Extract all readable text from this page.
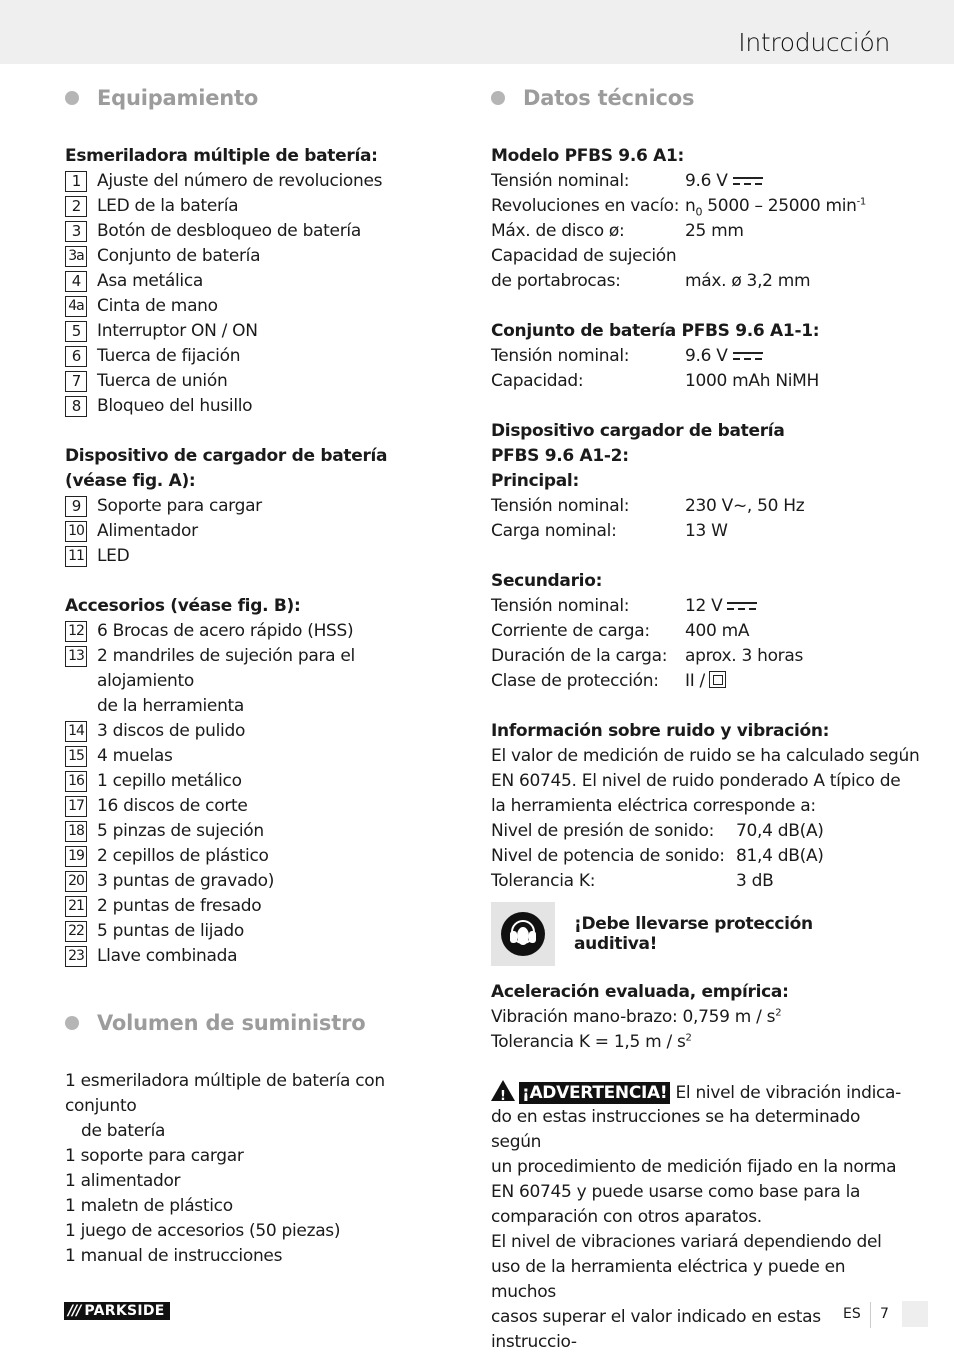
Introducción
Equipamiento
Esmeriladora múltiple de batería:
1 Ajuste del número de revoluciones
2 LED de la batería
3 Botón de desbloqueo de batería
3a Conjunto de batería
4 Asa metálica
4a Cinta de mano
5 Interruptor ON / ON
6 Tuerca de fijación
7 Tuerca de unión
8 Bloqueo del husillo
Dispositivo de cargador de batería
(véase fig. A):
9 Soporte para cargar
10 Alimentador
11 LED
Accesorios (véase fig. B):
12 6 Brocas de acero rápido (HSS)
13 2 mandriles de sujeción para el alojamiento
de la herramienta
14 3 discos de pulido
15 4 muelas
16 1 cepillo metálico
17 16 discos de corte
18 5 pinzas de sujeción
19 2 cepillos de plástico
20 3 puntas de gravado)
21 2 puntas de fresado
22 5 puntas de lijado
23 Llave combinada
Volumen de suministro
1 esmeriladora múltiple de batería con conjunto
de batería
1 soporte para cargar
1 alimentador
1 maletn de plástico
1 juego de accesorios (50 piezas)
1 manual de instrucciones
Datos técnicos
Modelo PFBS 9.6 A1:
Tensión nominal:	9.6 V
Revoluciones en vacío: $n_0$ 5000 – 25000 $\min^{-1}$
Máx. de disco ø:	25 mm
Capacidad de sujeción
de portabrocas:	máx. ø 3,2 mm
Conjunto de batería PFBS 9.6 A1-1:
Tensión nominal:	9.6 V
Capacidad:	1000 mAh NiMH
Dispositivo cargador de batería
PFBS 9.6 A1-2:
Principal:
Tensión nominal:	230 V~, 50 Hz
Carga nominal:	13 W
Secundario:
Tensión nominal:	12 V
Corriente de carga:	400 mA
Duración de la carga:	aprox. 3 horas
Clase de protección:	II /
Información sobre ruido y vibración:
El valor de medición de ruido se ha calculado según
EN 60745. El nivel de ruido ponderado A típico de
la herramienta eléctrica corresponde a:
Nivel de presión de sonido:	70,4 dB(A)
Nivel de potencia de sonido: 81,4 dB(A)
Tolerancia K:	3 dB
¡Debe llevarse protección auditiva!
Aceleración evaluada, empírica:
Vibración mano-brazo: 0,759 m / $s^2$
Tolerancia K = 1,5 m / $s^2$
! ¡ADVERTENCIA! El nivel de vibración indica-
do en estas instrucciones se ha determinado según
un procedimiento de medición fijado en la norma
EN 60745 y puede usarse como base para la
comparación con otros aparatos.
El nivel de vibraciones variará dependiendo del
uso de la herramienta eléctrica y puede en muchos
casos superar el valor indicado en estas instruccio-
/// PARKSIDE	ES 7
